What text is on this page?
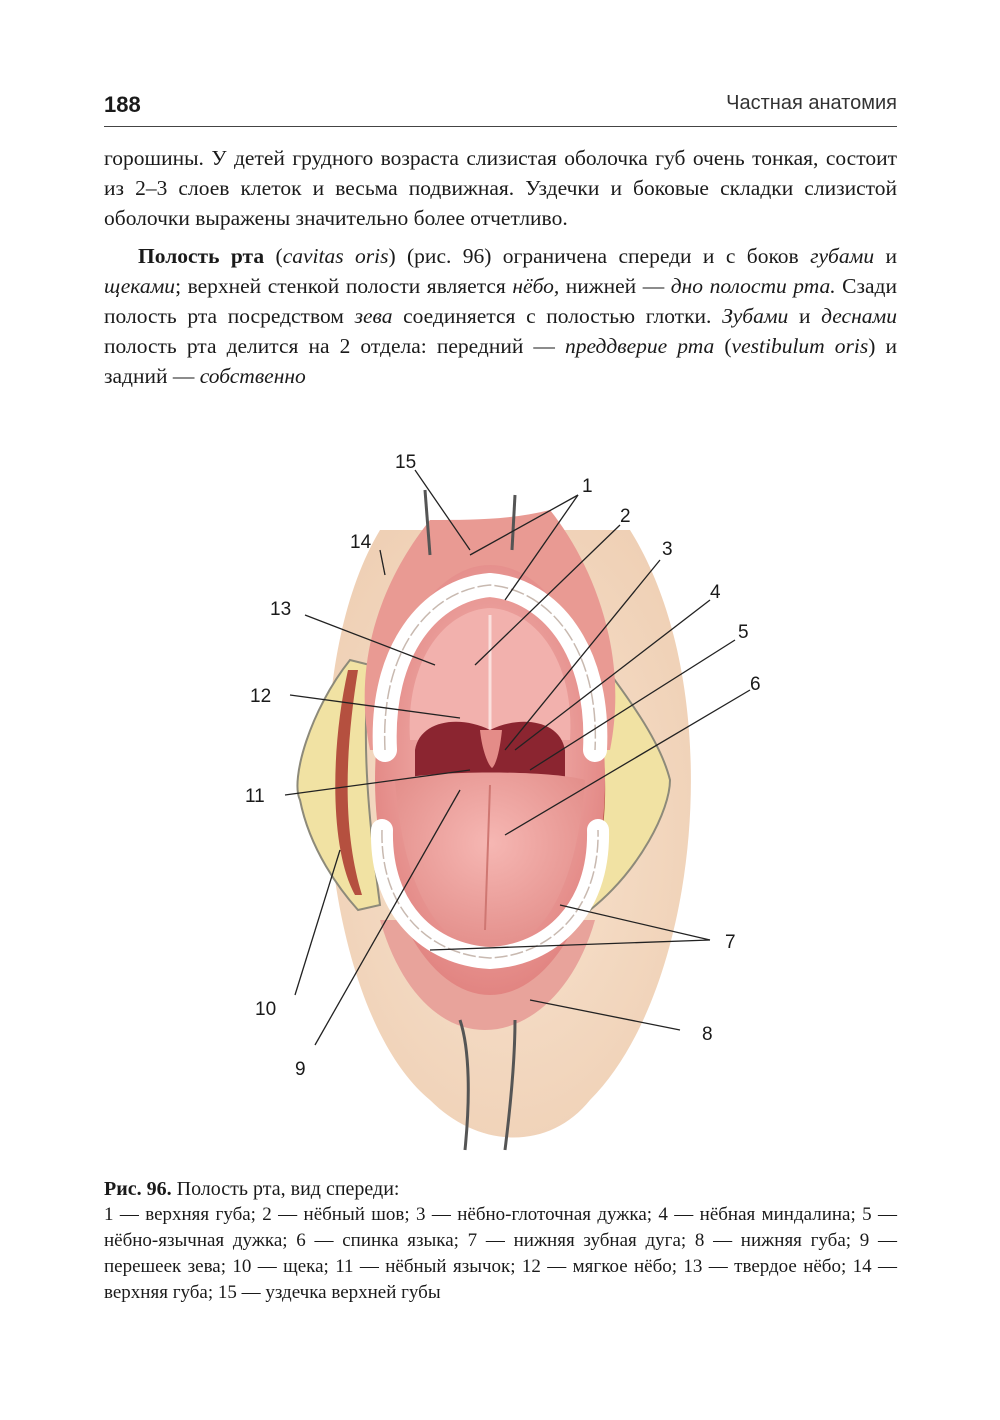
188	Частная анатомия

горошины. У детей грудного возраста слизистая оболочка губ очень тонкая, состоит из 2–3 слоев клеток и весьма подвижная. Уздечки и боковые складки слизистой оболочки выражены значительно более отчетливо.

Полость рта (cavitas oris) (рис. 96) ограничена спереди и с боков губами и щеками; верхней стенкой полости является нёбо, нижней — дно полости рта. Сзади полость рта посредством зева соединяется с полостью глотки. Зубами и деснами полость рта делится на 2 отдела: передний — преддверие рта (vestibulum oris) и задний — собственно

1
2
3
4
5
6
7
8
9
10
11
12
13
14
15
Рис. 96. Полость рта, вид спереди:
1 — верхняя губа; 2 — нёбный шов; 3 — нёбно-глоточная дужка; 4 — нёбная миндалина; 5 — нёбно-язычная дужка; 6 — спинка языка; 7 — нижняя зубная дуга; 8 — нижняя губа; 9 — перешеек зева; 10 — щека; 11 — нёбный язычок; 12 — мягкое нёбо; 13 — твердое нёбо; 14 — верхняя губа; 15 — уздечка верхней губы
